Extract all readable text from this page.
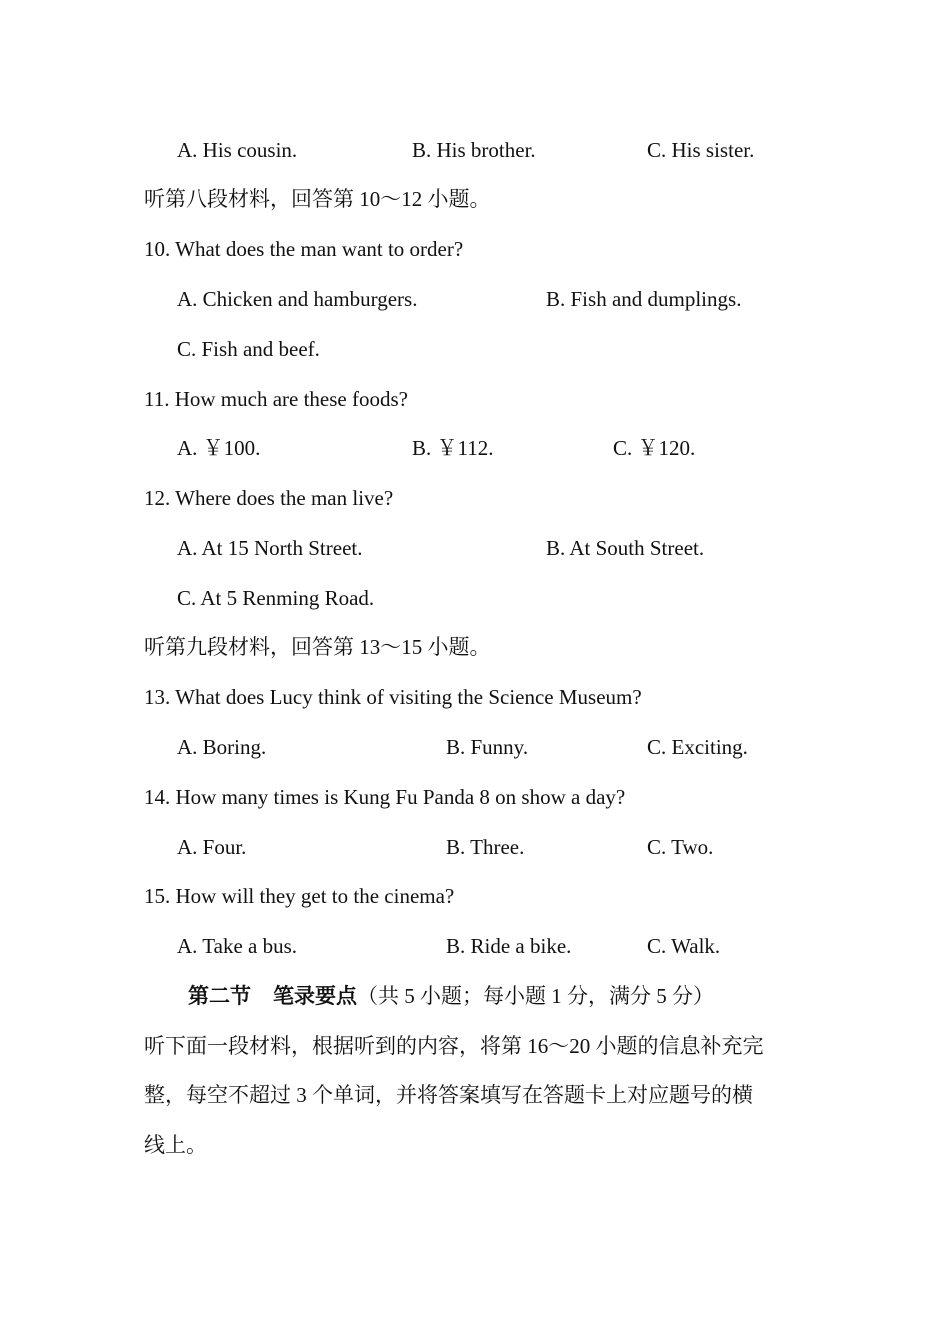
A. His cousin.	B. His brother.	C. His sister.
听第八段材料，回答第 10～12 小题。
10. What does the man want to order?
A. Chicken and hamburgers.	B. Fish and dumplings.
C. Fish and beef.
11. How much are these foods?
A. ￥100.	B. ￥112.	C. ￥120.
12. Where does the man live?
A. At 15 North Street.	B. At South Street.
C. At 5 Renming Road.
听第九段材料，回答第 13～15 小题。
13. What does Lucy think of visiting the Science Museum?
A. Boring.	B. Funny.	C. Exciting.
14. How many times is Kung Fu Panda 8 on show a day?
A. Four.	B. Three.	C. Two.
15. How will they get to the cinema?
A. Take a bus.	B. Ride a bike.	C. Walk.
第二节 笔录要点（共 5 小题；每小题 1 分，满分 5 分）
听下面一段材料，根据听到的内容，将第 16～20 小题的信息补充完
整，每空不超过 3 个单词，并将答案填写在答题卡上对应题号的横
线上。
